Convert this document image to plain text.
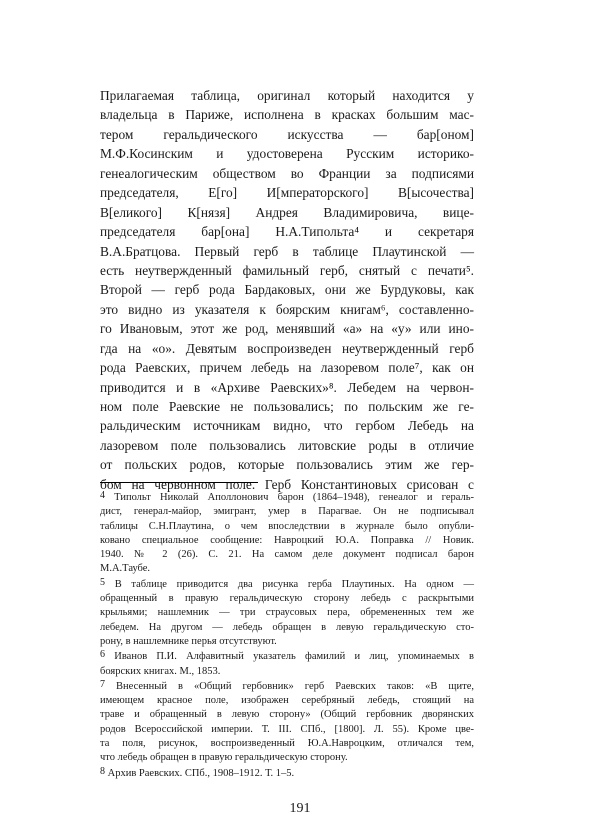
Прилагаемая таблица, оригинал который находится у
владельца в Париже, исполнена в красках большим мас-
тером геральдического искусства — бар[оном]
М.Ф.Косинским и удостоверена Русским историко-
генеалогическим обществом во Франции за подписями
председателя, Е[го] И[мператорского] В[ысочества]
В[еликого] К[нязя] Андрея Владимировича, вице-
председателя бар[она] Н.А.Типольта⁴ и секретаря
В.А.Братцова. Первый герб в таблице Плаутинской —
есть неутвержденный фамильный герб, снятый с печати⁵.
Второй — герб рода Бардаковых, они же Бурдуковы, как
это видно из указателя к боярским книгам⁶, составленно-
го Ивановым, этот же род, менявший «а» на «у» или ино-
гда на «о». Девятым воспроизведен неутвержденный герб
рода Раевских, причем лебедь на лазоревом поле⁷, как он
приводится и в «Архиве Раевских»⁸. Лебедем на червон-
ном поле Раевские не пользовались; по польским же ге-
ральдическим источникам видно, что гербом Лебедь на
лазоревом поле пользовались литовские роды в отличие
от польских родов, которые пользовались этим же гер-
бом на червонном поле. Герб Константиновых срисован с
4 Типольт Николай Аполлонович барон (1864–1948), генеалог и гераль-
дист, генерал-майор, эмигрант, умер в Парагвае. Он не подписывал
таблицы С.Н.Плаутина, о чем впоследствии в журнале было опубли-
ковано специальное сообщение: Навроцкий Ю.А. Поправка // Новик.
1940. № 2 (26). С. 21. На самом деле документ подписал барон
М.А.Таубе.
5 В таблице приводится два рисунка герба Плаутиных. На одном —
обращенный в правую геральдическую сторону лебедь с раскрытыми
крыльями; нашлемник — три страусовых пера, обремененных тем же
лебедем. На другом — лебедь обращен в левую геральдическую сто-
рону, в нашлемнике перья отсутствуют.
6 Иванов П.И. Алфавитный указатель фамилий и лиц, упоминаемых в
боярских книгах. М., 1853.
7 Внесенный в «Общий гербовник» герб Раевских таков: «В щите,
имеющем красное поле, изображен серебряный лебедь, стоящий на
траве и обращенный в левую сторону» (Общий гербовник дворянских
родов Всероссийской империи. Т. III. СПб., [1800]. Л. 55). Кроме цве-
та поля, рисунок, воспроизведенный Ю.А.Навроцким, отличался тем,
что лебедь обращен в правую геральдическую сторону.
8 Архив Раевских. СПб., 1908–1912. Т. 1–5.
191
